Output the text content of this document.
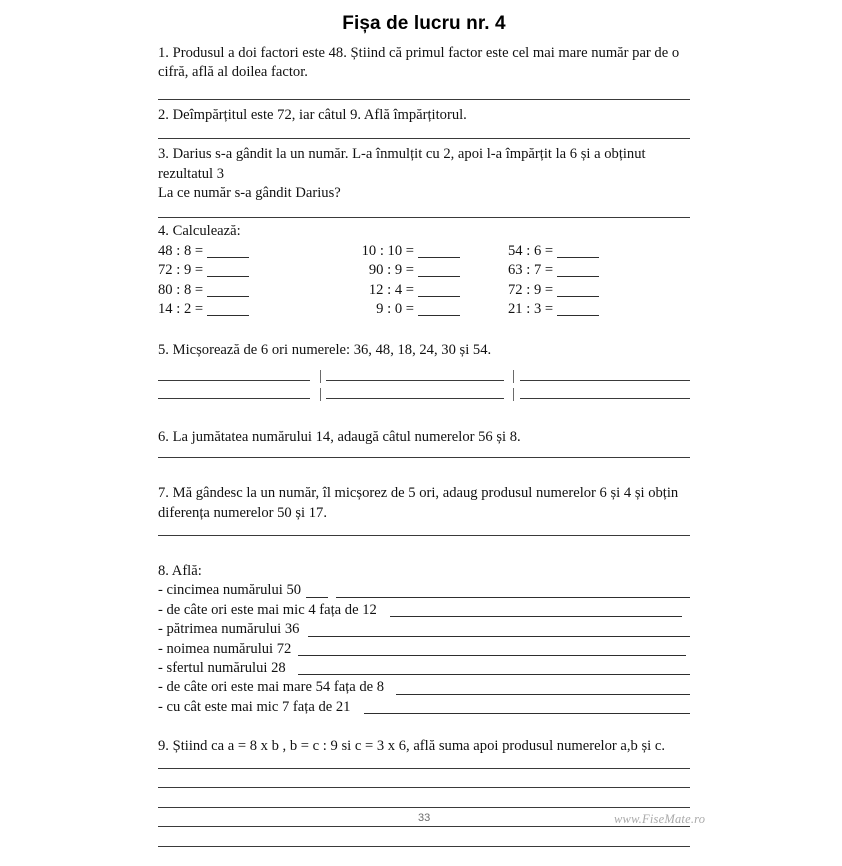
Fișa de lucru nr. 4

1. Produsul a doi factori este 48. Știind că primul factor este cel mai mare număr par de o cifră, află al doilea factor.

2. Deîmpărțitul este 72, iar câtul 9. Află împărțitorul.

3. Darius s-a gândit la un număr. L-a înmulțit cu 2, apoi l-a împărțit la 6 și a obținut rezultatul 3

La ce număr s-a gândit Darius?

4. Calculează:

48 : 8 =	10 : 10 =	54 : 6 =
72 : 9 =	90 : 9 =	63 : 7 =
80 : 8 =	12 : 4 =	72 : 9 =
14 : 2 =	9 : 0 =	21 : 3 =

5. Micșorează de 6 ori numerele: 36, 48, 18, 24, 30 și 54.

6. La jumătatea numărului 14, adaugă câtul numerelor 56 și 8.

7. Mă gândesc la un număr, îl micșorez de 5 ori, adaug produsul numerelor 6 și 4 și obțin

diferența numerelor 50 și 17.

8. Află:

- cincimea numărului 50
- de câte ori este mai mic 4 fața de 12
- pătrimea numărului 36
- noimea numărului 72
- sfertul numărului 28
- de câte ori este mai mare 54 fața de 8
- cu cât este mai mic 7 fața de 21

9. Știind ca a = 8 x b , b = c : 9 si c = 3 x 6, află suma apoi produsul numerelor a,b și c.

33	www.FiseMate.ro
